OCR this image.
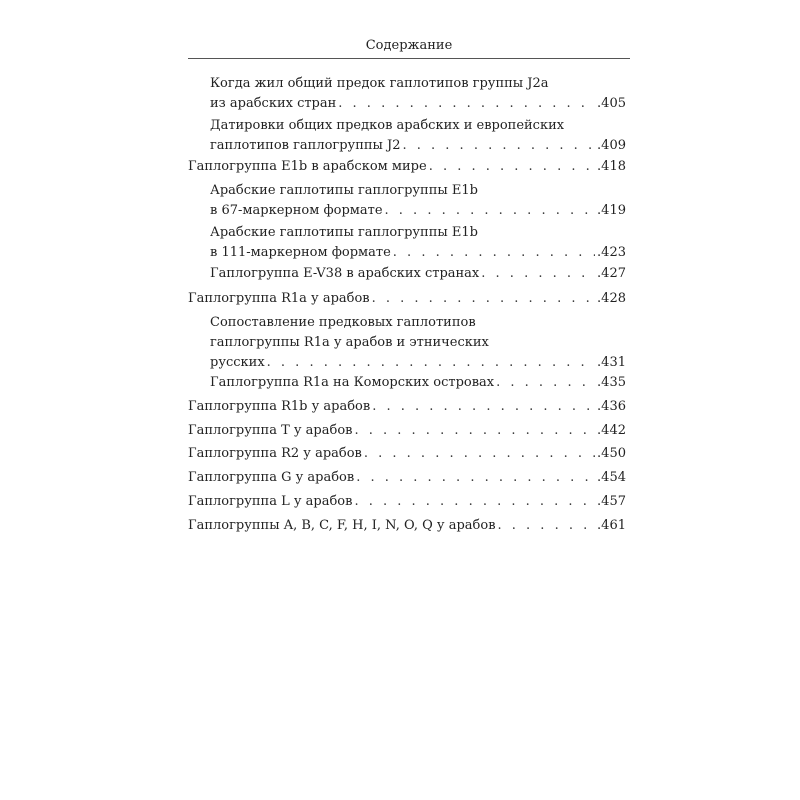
Содержание
Когда жил общий предок гаплотипов группы J2a
из арабских стран . . .	.405
Датировки общих предков арабских и европейских
гаплотипов гаплогруппы J2 . . .	.409
Гаплогруппа E1b в арабском мире . . .	.418
Арабские гаплотипы гаплогруппы E1b
в 67-маркерном формате . . .	.419
Арабские гаплотипы гаплогруппы E1b
в 111-маркерном формате . . .	.423
Гаплогруппа E-V38 в арабских странах . . .	.427
Гаплогруппа R1a у арабов . . .	.428
Сопоставление предковых гаплотипов
гаплогруппы R1a у арабов и этнических
русских . . .	.431
Гаплогруппа R1a на Коморских островах . . .	.435
Гаплогруппа R1b у арабов . . .	.436
Гаплогруппа T у арабов . . .	.442
Гаплогруппа R2 у арабов . . .	.450
Гаплогруппа G у арабов . . .	.454
Гаплогруппа L у арабов . . .	.457
Гаплогруппы A, B, C, F, H, I, N, O, Q у арабов . . .	.461
